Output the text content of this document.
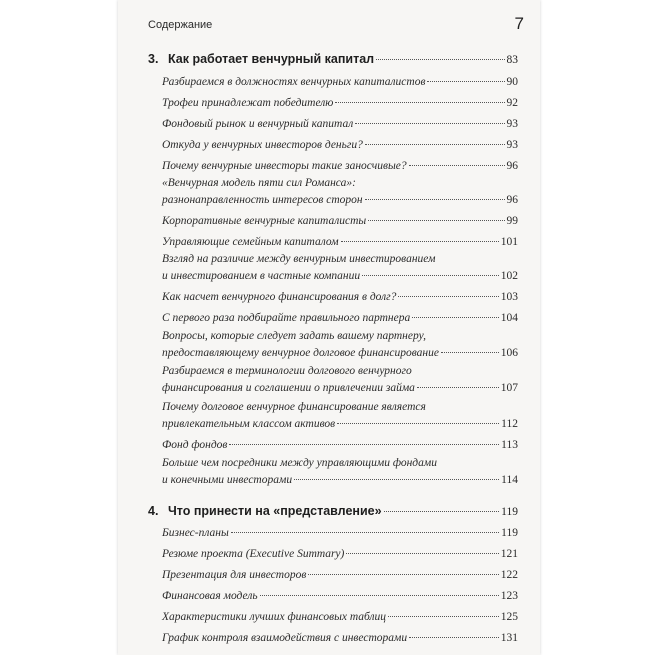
Содержание	7
3. Как работает венчурный капитал	83
Разбираемся в должностях венчурных капиталистов	90
Трофеи принадлежат победителю	92
Фондовый рынок и венчурный капитал	93
Откуда у венчурных инвесторов деньги?	93
Почему венчурные инвесторы такие заносчивые?	96
«Венчурная модель пяти сил Романса»:
разнонаправленность интересов сторон	96
Корпоративные венчурные капиталисты	99
Управляющие семейным капиталом	101
Взгляд на различие между венчурным инвестированием
и инвестированием в частные компании	102
Как насчет венчурного финансирования в долг?	103
С первого раза подбирайте правильного партнера	104
Вопросы, которые следует задать вашему партнеру,
предоставляющему венчурное долговое финансирование	106
Разбираемся в терминологии долгового венчурного
финансирования и соглашении о привлечении займа	107
Почему долговое венчурное финансирование является
привлекательным классом активов	112
Фонд фондов	113
Больше чем посредники между управляющими фондами
и конечными инвесторами	114
4. Что принести на «представление»	119
Бизнес-планы	119
Резюме проекта (Executive Summary)	121
Презентация для инвесторов	122
Финансовая модель	123
Характеристики лучших финансовых таблиц	125
График контроля взаимодействия с инвесторами	131
